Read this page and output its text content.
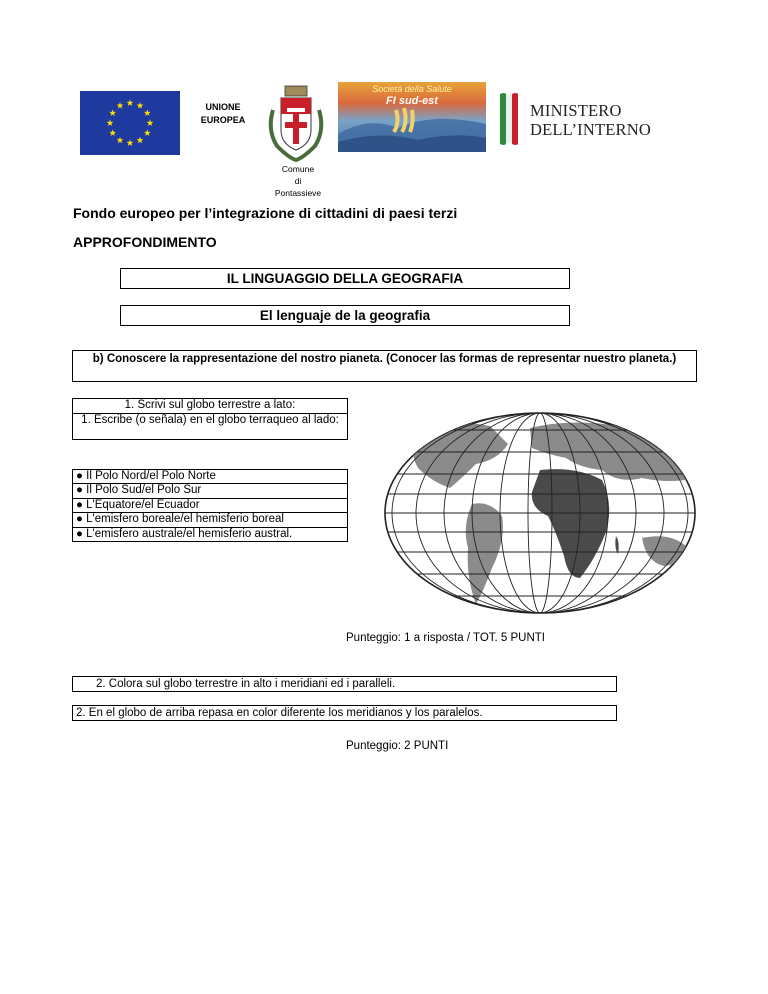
UNIONE
EUROPEA
Comune
di
Pontassieve
Società della Salute
FI sud-est	MINISTERO
DELL’INTERNO
Fondo europeo per l’integrazione di cittadini di paesi terzi
APPROFONDIMENTO
IL LINGUAGGIO DELLA GEOGRAFIA
El lenguaje de la geografia
b) Conoscere la rappresentazione del nostro pianeta. (Conocer las formas de representar nuestro planeta.)
1. Scrivi sul globo terrestre a lato:
1. Escribe (o señala) en el globo terraqueo al lado:
● Il Polo Nord/el Polo Norte
● Il Polo Sud/el Polo Sur
● L'Equatore/el Ecuador
● L'emisfero boreale/el hemisferio boreal
● L'emisfero australe/el hemisferio austral.
Punteggio: 1 a risposta / TOT. 5 PUNTI
2. Colora sul globo terrestre in alto i meridiani ed i paralleli.
2. En el globo de arriba repasa en color diferente los meridianos y los paralelos.
Punteggio: 2 PUNTI
